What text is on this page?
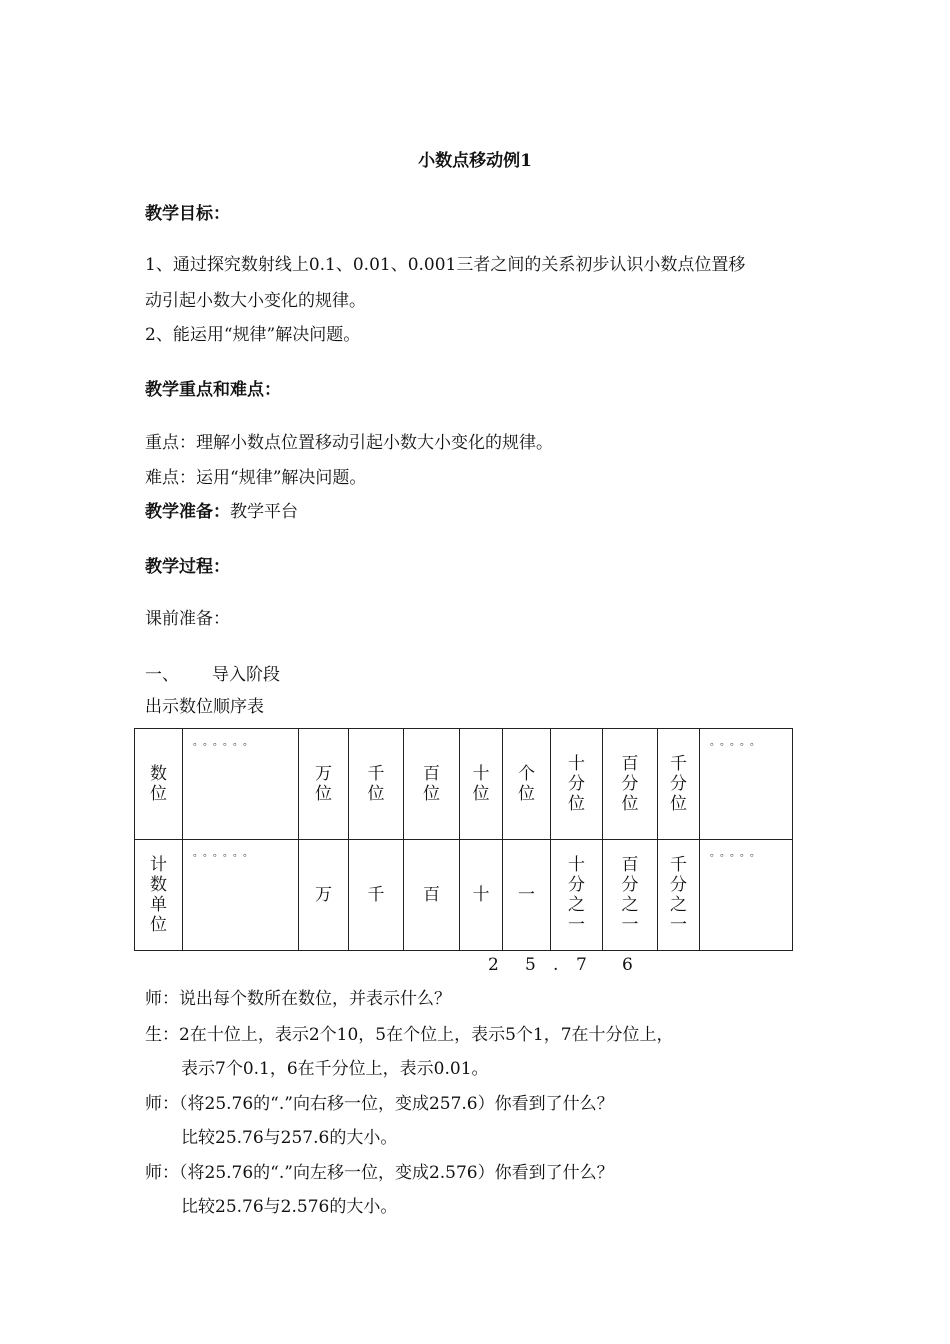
小数点移动例1
教学目标：
1、通过探究数射线上0.1、0.01、0.001三者之间的关系初步认识小数点位置移
动引起小数大小变化的规律。
2、能运用“规律”解决问题。
教学重点和难点：
重点：理解小数点位置移动引起小数大小变化的规律。
难点：运用“规律”解决问题。
教学准备：教学平台
教学过程：
课前准备：
一、 导入阶段
出示数位顺序表
数位	。。。。。。	万位	千位	百位	十位	个位	十分位	百分位	千分位	。。。。。

计数单位	。。。。。。	万	千	百	十	一	十分之一	百分之一	千分之一	。。。。。
2 5 . 7 6
师：说出每个数所在数位，并表示什么？
生：2在十位上，表示2个10，5在个位上，表示5个1，7在十分位上，
表示7个0.1，6在千分位上，表示0.01。
师：（将25.76的“.”向右移一位，变成257.6）你看到了什么？
比较25.76与257.6的大小。
师：（将25.76的“.”向左移一位，变成2.576）你看到了什么？
比较25.76与2.576的大小。
